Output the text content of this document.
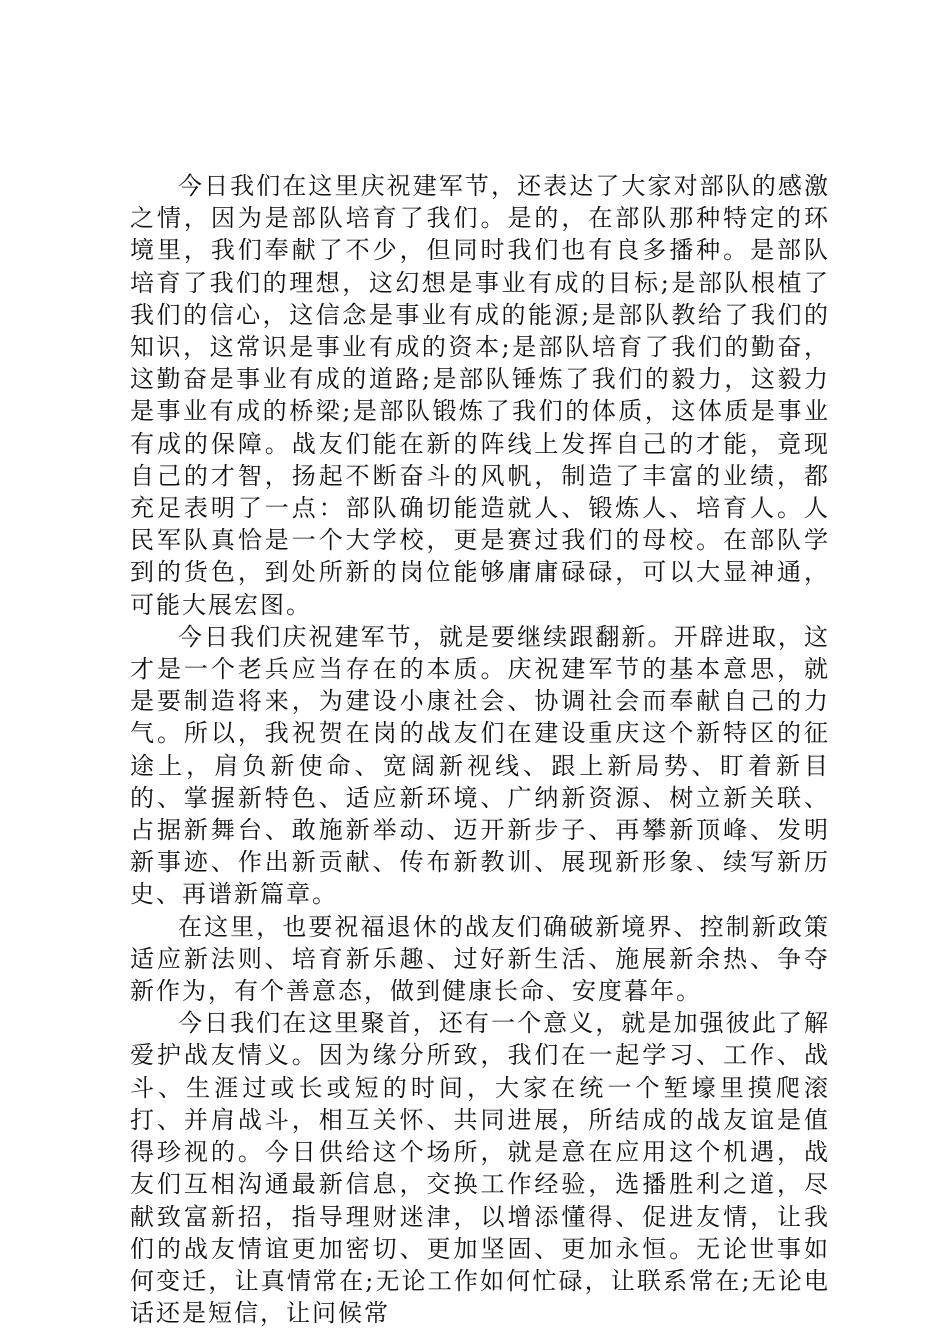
今日我们在这里庆祝建军节，还表达了大家对部队的感激之情，因为是部队培育了我们。是的，在部队那种特定的环境里，我们奉献了不少，但同时我们也有良多播种。是部队培育了我们的理想，这幻想是事业有成的目标;是部队根植了我们的信心，这信念是事业有成的能源;是部队教给了我们的知识，这常识是事业有成的资本;是部队培育了我们的勤奋，这勤奋是事业有成的道路;是部队锤炼了我们的毅力，这毅力是事业有成的桥梁;是部队锻炼了我们的体质，这体质是事业有成的保障。战友们能在新的阵线上发挥自己的才能，竟现自己的才智，扬起不断奋斗的风帆，制造了丰富的业绩，都充足表明了一点：部队确切能造就人、锻炼人、培育人。人民军队真恰是一个大学校，更是赛过我们的母校。在部队学到的货色，到处所新的岗位能够庸庸碌碌，可以大显神通，可能大展宏图。

今日我们庆祝建军节，就是要继续跟翻新。开辟进取，这才是一个老兵应当存在的本质。庆祝建军节的基本意思，就是要制造将来，为建设小康社会、协调社会而奉献自己的力气。所以，我祝贺在岗的战友们在建设重庆这个新特区的征途上，肩负新使命、宽阔新视线、跟上新局势、盯着新目的、掌握新特色、适应新环境、广纳新资源、树立新关联、占据新舞台、敢施新举动、迈开新步子、再攀新顶峰、发明新事迹、作出新贡献、传布新教训、展现新形象、续写新历史、再谱新篇章。

在这里，也要祝福退休的战友们确破新境界、控制新政策适应新法则、培育新乐趣、过好新生活、施展新余热、争夺新作为，有个善意态，做到健康长命、安度暮年。

今日我们在这里聚首，还有一个意义，就是加强彼此了解爱护战友情义。因为缘分所致，我们在一起学习、工作、战斗、生涯过或长或短的时间，大家在统一个堑壕里摸爬滚打、并肩战斗，相互关怀、共同进展，所结成的战友谊是值得珍视的。今日供给这个场所，就是意在应用这个机遇，战友们互相沟通最新信息，交换工作经验，选播胜利之道，尽献致富新招，指导理财迷津，以增添懂得、促进友情，让我们的战友情谊更加密切、更加坚固、更加永恒。无论世事如何变迁，让真情常在;无论工作如何忙碌，让联系常在;无论电话还是短信，让问候常
